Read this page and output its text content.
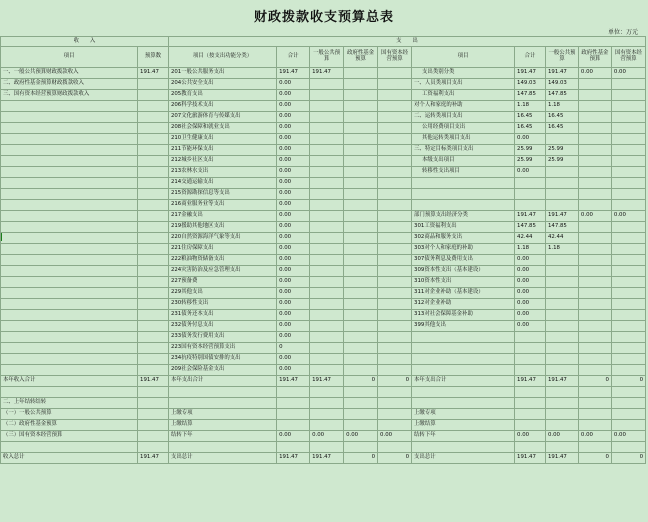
财政拨款收支预算总表
单位：万元
收　　入		支　　出									
项目	预算数	项目（按支出功能分类）	合计	一般公共预算	政府性基金预算	国有资本经营预算	项目	合计	一般公共预算	政府性基金预算	国有资本经营预算
一、一般公共预算财政拨款收入	191.47	201一般公共服务支出	191.47	191.47			支出类别分类	191.47	191.47	0.00	0.00
二、政府性基金预算财政拨款收入		204公共安全支出	0.00				一、人员类项目支出	149.03	149.03		
三、国有资本经营预算财政拨款收入		205教育支出	0.00				工资福利支出	147.85	147.85		
		206科学技术支出	0.00				对个人和家庭的补助	1.18	1.18		
		207文化旅游体育与传媒支出	0.00				二、运转类项目支出	16.45	16.45		
		208社会保障和就业支出	0.00				公用经费项目支出	16.45	16.45		
		210卫生健康支出	0.00				其他运转类项目支出	0.00			
		211节能环保支出	0.00				三、特定目标类项目支出	25.99	25.99		
		212城乡社区支出	0.00				本级支出项目	25.99	25.99		
		213农林水支出	0.00				转移性支出项目	0.00			
		214交通运输支出	0.00								
		215资源勘探信息等支出	0.00								
		216商业服务业等支出	0.00								
		217金融支出	0.00				部门预算支出经济分类	191.47	191.47	0.00	0.00
		219援助其他地区支出	0.00				301工资福利支出	147.85	147.85		
		220自然资源海洋气象等支出	0.00				302商品和服务支出	42.44	42.44		
		221住房保障支出	0.00				303对个人和家庭的补助	1.18	1.18		
		222粮油物资储备支出	0.00				307债务利息及费用支出	0.00			
		224灾害防治及应急管理支出	0.00				309资本性支出（基本建设）	0.00			
		227预备费	0.00				310资本性支出	0.00			
		229其他支出	0.00				311对企业补助（基本建设）	0.00			
		230转移性支出	0.00				312对企业补助	0.00			
		231债务还本支出	0.00				313对社会保障基金补助	0.00			
		232债务付息支出	0.00				399其他支出	0.00			
		233债务发行费用支出	0.00								
		223国有资本经营预算支出	0								
		234抗疫特别国债安排的支出	0.00								
		209社会保险基金支出	0.00								
本年收入合计	191.47	本年支出合计	191.47	191.47	0	0	本年支出合计	191.47	191.47	0	0

二、上年结转结转											
（一）一般公共预算		上缴专项					上缴专项				
（二）政府性基金预算		上缴结算					上缴结算				
（三）国有资本经营预算		结转下年	0.00	0.00	0.00	0.00	结转下年	0.00	0.00	0.00	0.00

收入总计	191.47	支出总计	191.47	191.47	0	0	支出总计	191.47	191.47	0	0
